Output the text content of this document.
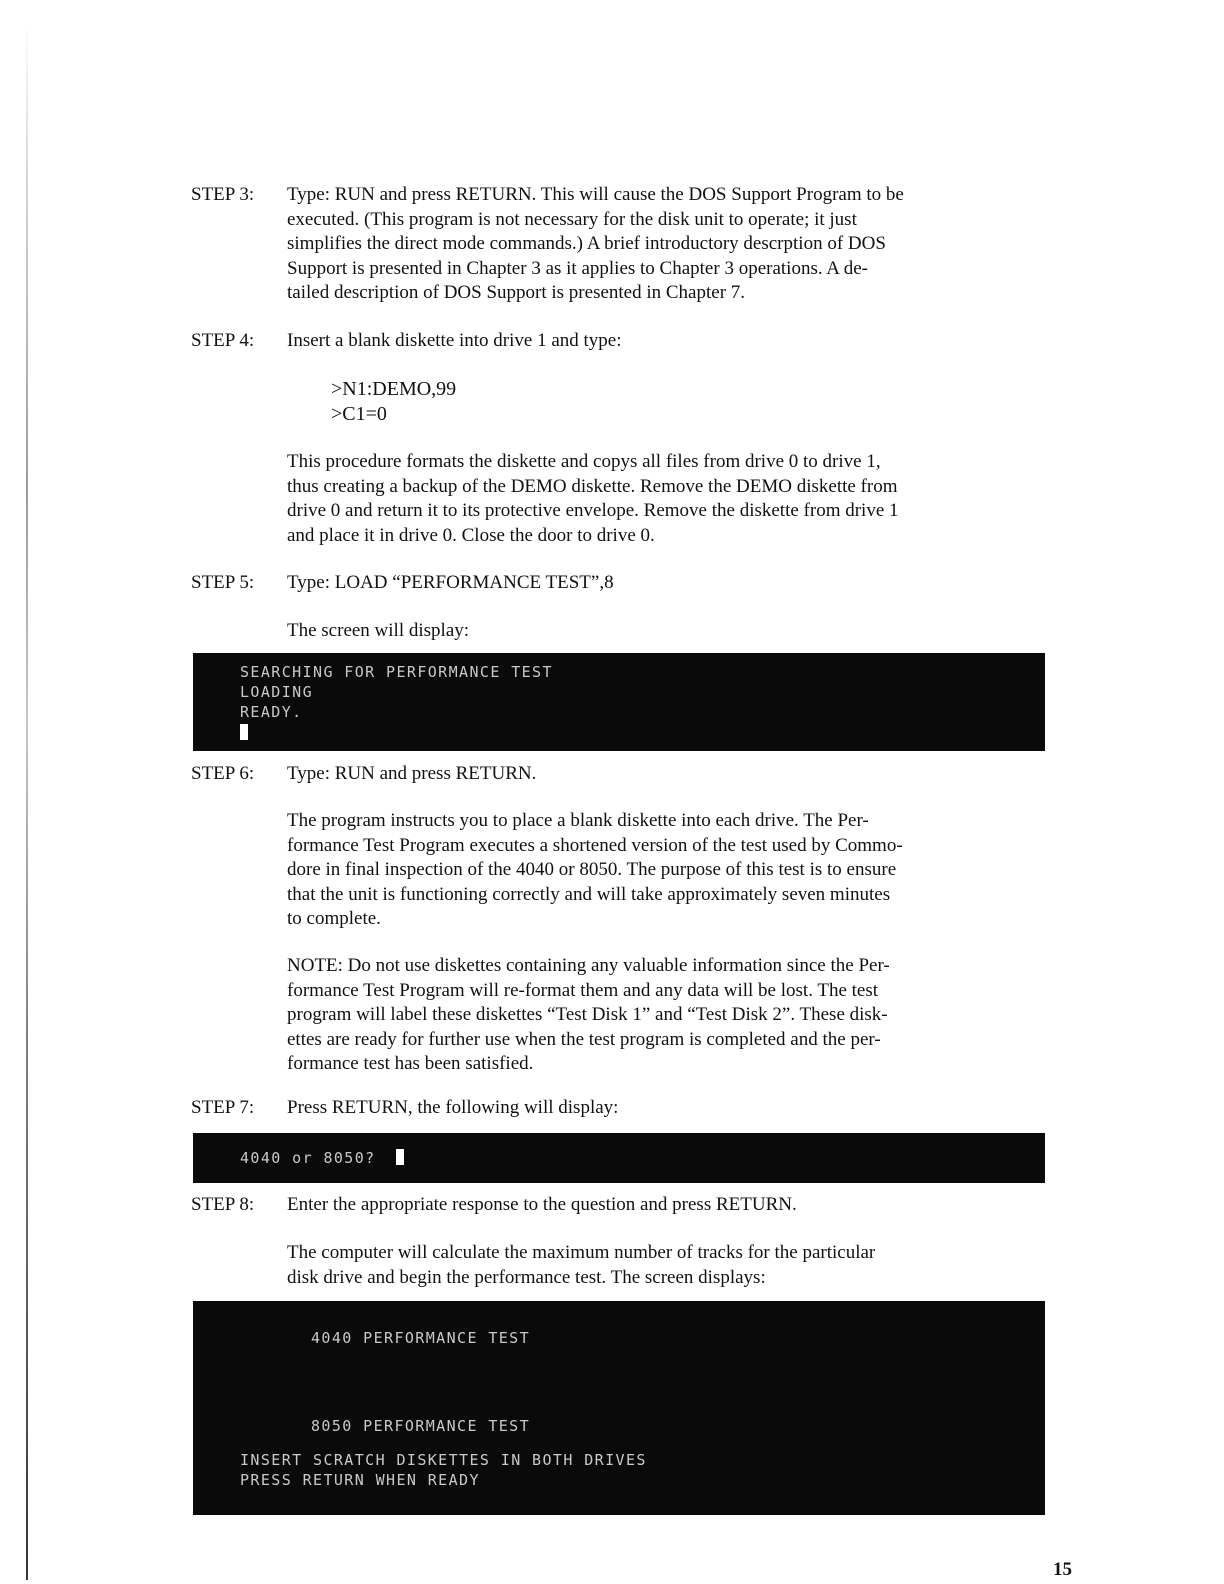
STEP 3: Type: RUN and press RETURN. This will cause the DOS Support Program to be
executed. (This program is not necessary for the disk unit to operate; it just
simplifies the direct mode commands.) A brief introductory descrption of DOS
Support is presented in Chapter 3 as it applies to Chapter 3 operations. A de-
tailed description of DOS Support is presented in Chapter 7.
STEP 4: Insert a blank diskette into drive 1 and type:
>N1:DEMO,99
>C1=0
This procedure formats the diskette and copys all files from drive 0 to drive 1,
thus creating a backup of the DEMO diskette. Remove the DEMO diskette from
drive 0 and return it to its protective envelope. Remove the diskette from drive 1
and place it in drive 0. Close the door to drive 0.
STEP 5: Type: LOAD “PERFORMANCE TEST”,8
The screen will display:
SEARCHING FOR PERFORMANCE TEST
LOADING
READY.
STEP 6: Type: RUN and press RETURN.
The program instructs you to place a blank diskette into each drive. The Per-
formance Test Program executes a shortened version of the test used by Commo-
dore in final inspection of the 4040 or 8050. The purpose of this test is to ensure
that the unit is functioning correctly and will take approximately seven minutes
to complete.
NOTE: Do not use diskettes containing any valuable information since the Per-
formance Test Program will re-format them and any data will be lost. The test
program will label these diskettes “Test Disk 1” and “Test Disk 2”. These disk-
ettes are ready for further use when the test program is completed and the per-
formance test has been satisfied.
STEP 7: Press RETURN, the following will display:
4040 or 8050?
STEP 8: Enter the appropriate response to the question and press RETURN.
The computer will calculate the maximum number of tracks for the particular
disk drive and begin the performance test. The screen displays:
4040 PERFORMANCE TEST
8050 PERFORMANCE TEST
INSERT SCRATCH DISKETTES IN BOTH DRIVES
PRESS RETURN WHEN READY
15
